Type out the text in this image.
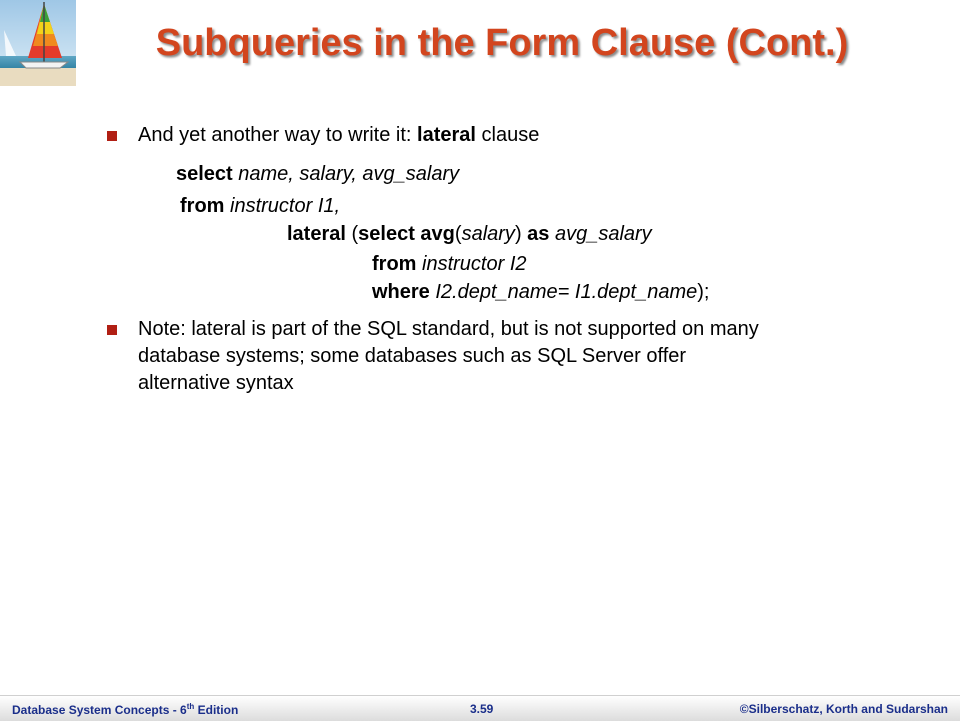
Subqueries in the Form Clause (Cont.)
And yet another way to write it: lateral clause
select name, salary, avg_salary
from instructor I1,
lateral (select avg(salary) as avg_salary
from instructor I2
where I2.dept_name= I1.dept_name);
Note: lateral is part of the SQL standard, but is not supported on many
database systems; some databases such as SQL Server offer
alternative syntax
Database System Concepts - 6th Edition	3.59	©Silberschatz, Korth and Sudarshan
